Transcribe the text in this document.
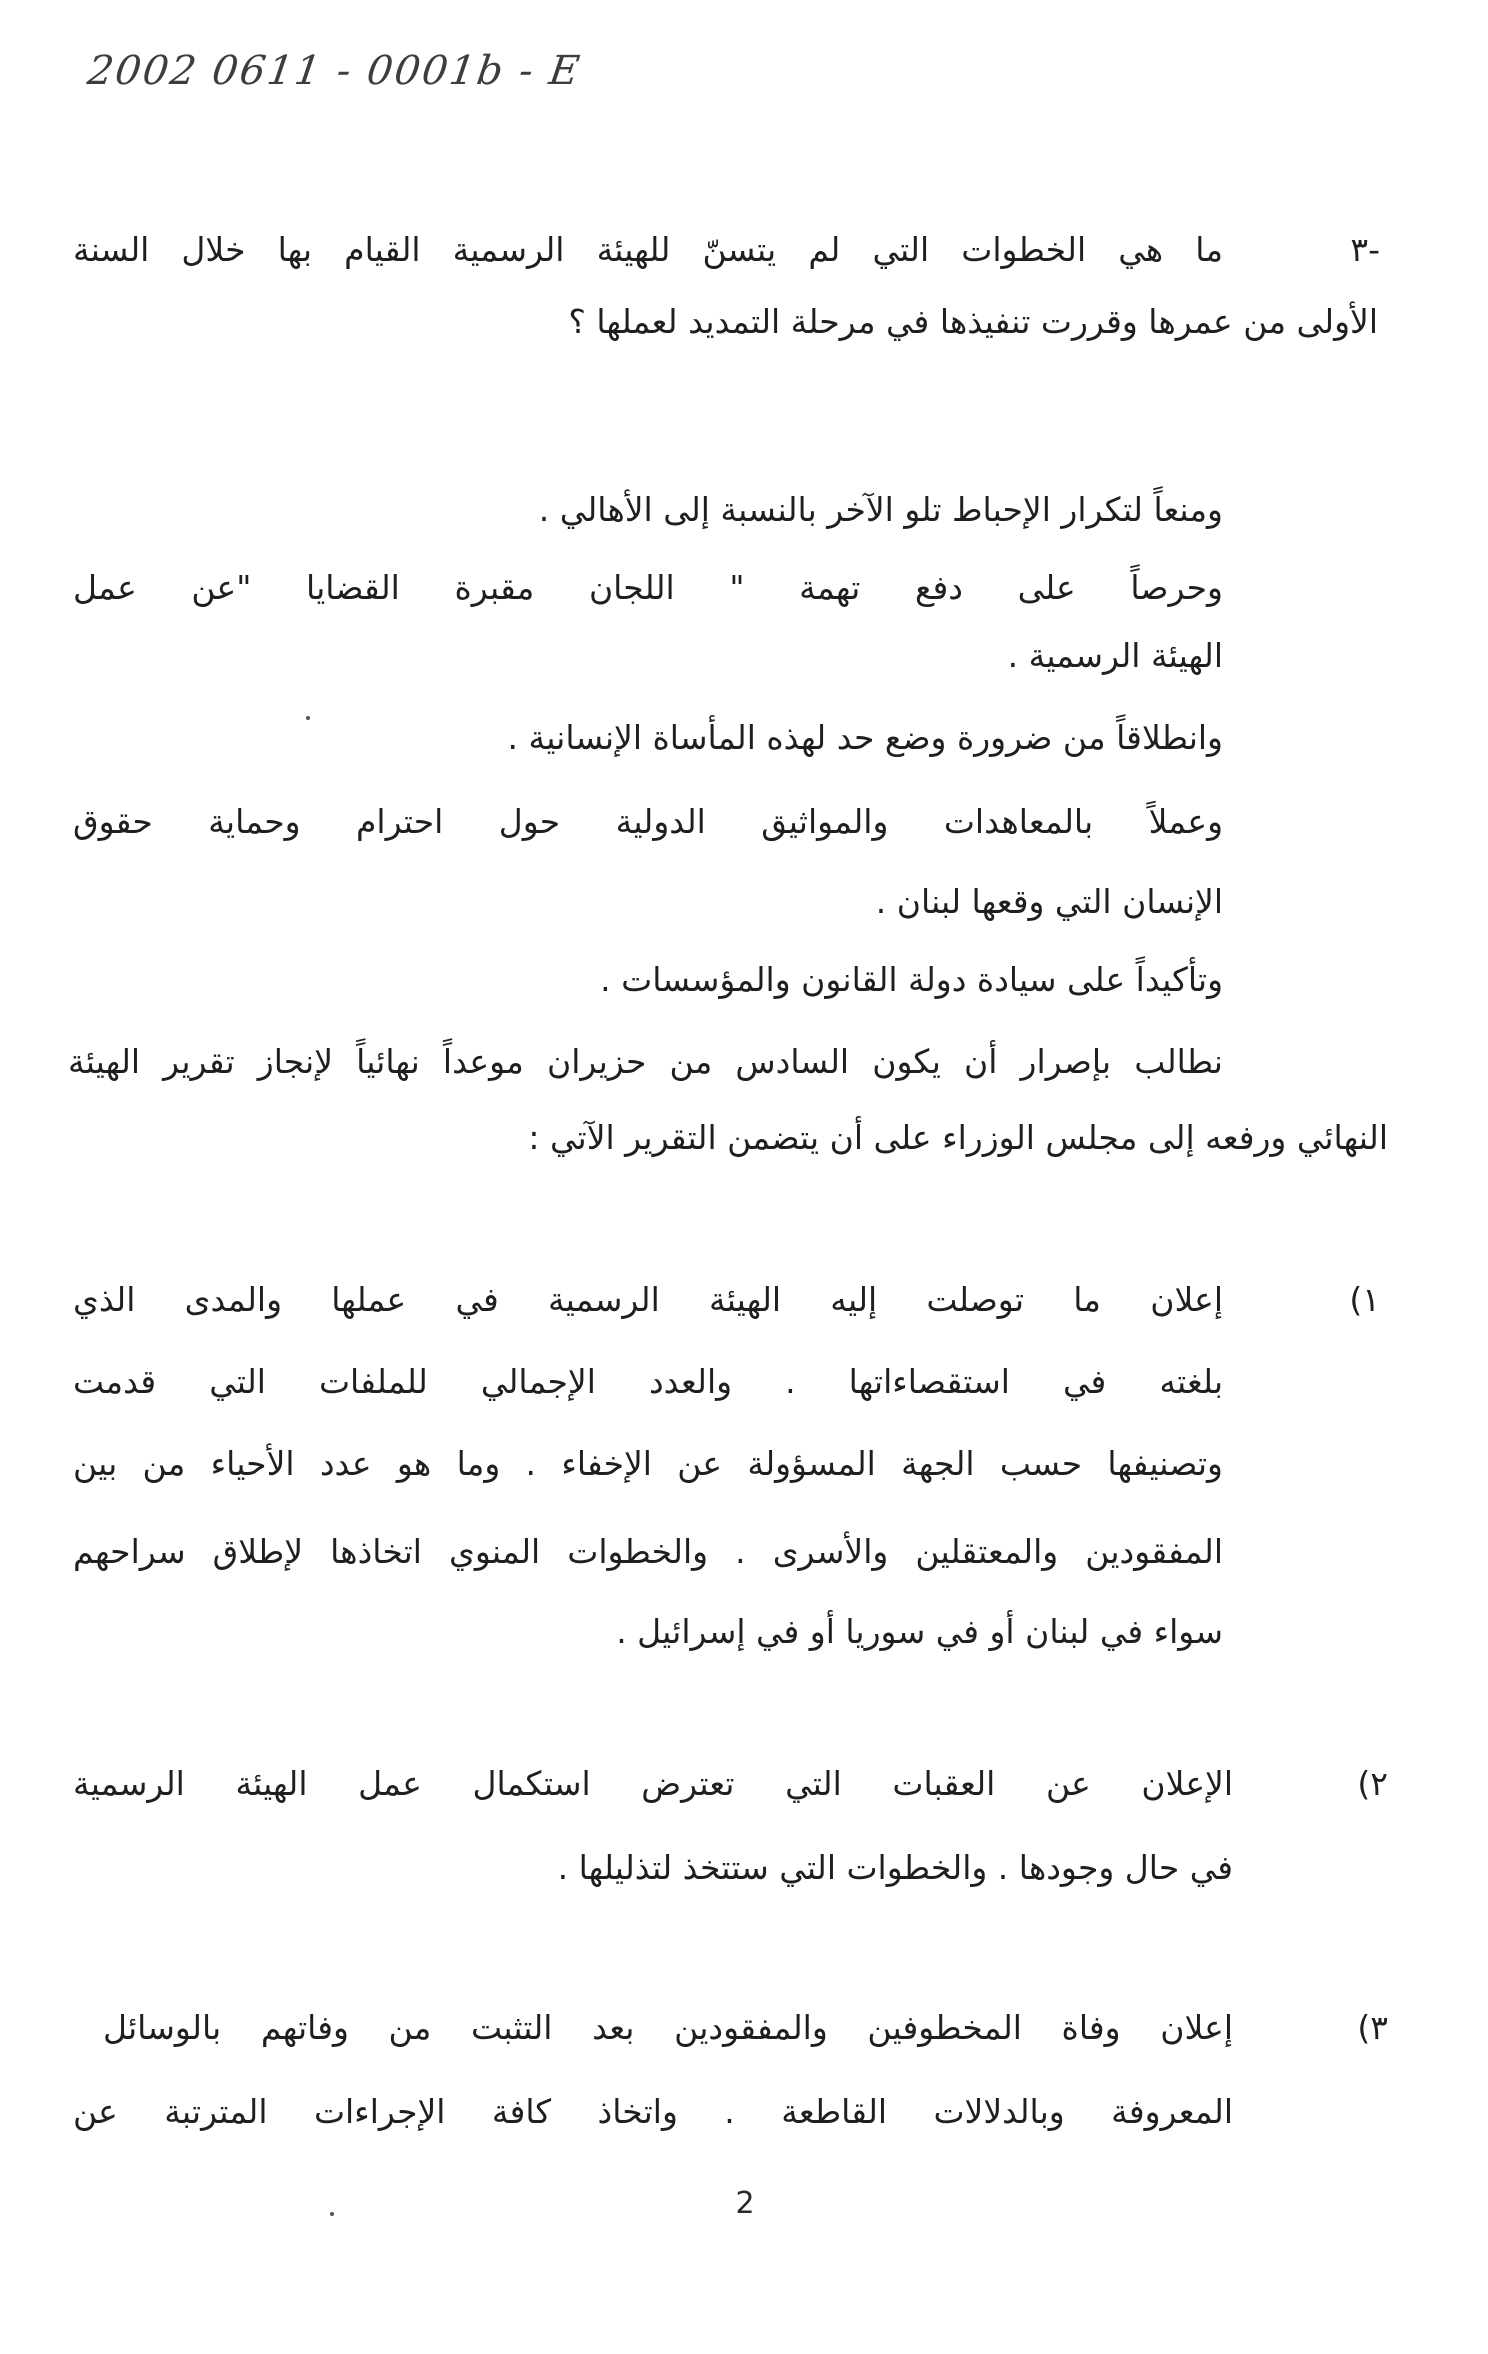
2002 0611 - 0001b - E
-٣
ما هي الخطوات التي لم يتسنّ للهيئة الرسمية القيام بها خلال السنة
الأولى من عمرها وقررت تنفيذها في مرحلة التمديد لعملها ؟
ومنعاً لتكرار الإحباط تلو الآخر بالنسبة إلى الأهالي .
وحرصاً على دفع تهمة " اللجان مقبرة القضايا "عن عمل
الهيئة الرسمية .
وانطلاقاً من ضرورة وضع حد لهذه المأساة الإنسانية .
وعملاً بالمعاهدات والمواثيق الدولية حول احترام وحماية حقوق
الإنسان التي وقعها لبنان .
وتأكيداً على سيادة دولة القانون والمؤسسات .
نطالب بإصرار أن يكون السادس من حزيران موعداً نهائياً لإنجاز تقرير الهيئة
النهائي ورفعه إلى مجلس الوزراء على أن يتضمن التقرير الآتي :
١)
إعلان ما توصلت إليه الهيئة الرسمية في عملها والمدى الذي
بلغته في استقصاءاتها . والعدد الإجمالي للملفات التي قدمت
وتصنيفها حسب الجهة المسؤولة عن الإخفاء . وما هو عدد الأحياء من بين
المفقودين والمعتقلين والأسرى . والخطوات المنوي اتخاذها لإطلاق سراحهم
سواء في لبنان أو في سوريا أو في إسرائيل .
٢)
الإعلان عن العقبات التي تعترض استكمال عمل الهيئة الرسمية
في حال وجودها . والخطوات التي ستتخذ لتذليلها .
٣)
إعلان وفاة المخطوفين والمفقودين بعد التثبت من وفاتهم بالوسائل
المعروفة وبالدلالات القاطعة . واتخاذ كافة الإجراءات المترتبة عن
2
